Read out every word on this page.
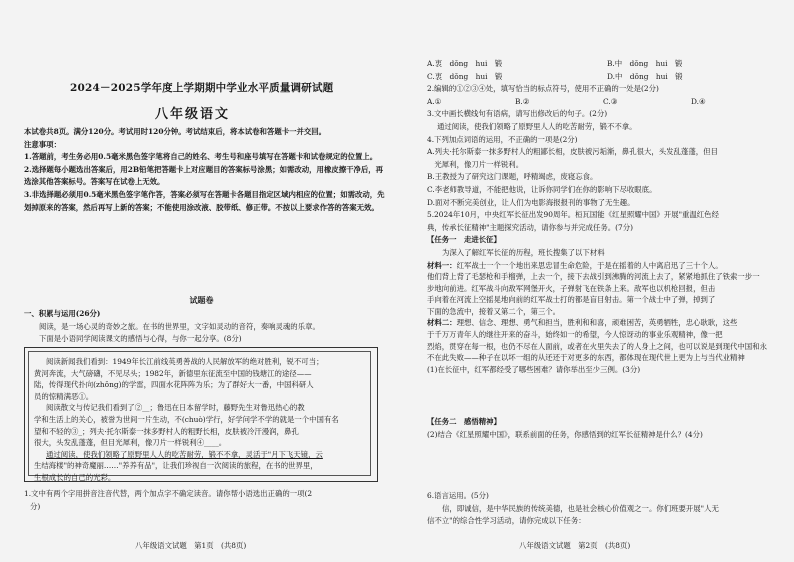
2024－2025学年度上学期期中学业水平质量调研试题
八年级语文

本试卷共8页。满分120分。考试用时120分钟。考试结束后，将本试卷和答题卡一并交回。

注意事项：

1.答题前，考生务必用0.5毫米黑色签字笔将自己的姓名、考生号和座号填写在答题卡和试卷规定的位置上。

2.选择题每小题选出答案后，用2B铅笔把答题卡上对应题目的答案标号涂黑；如需改动，用橡皮擦干净后，再选涂其他答案标号。答案写在试卷上无效。

3.非选择题必须用0.5毫米黑色签字笔作答，答案必须写在答题卡各题目指定区域内相应的位置；如需改动，先划掉原来的答案，然后再写上新的答案；不能使用涂改液、胶带纸、修正带。不按以上要求作答的答案无效。

试题卷

一、积累与运用(26分)

阅读，是一场心灵的奇妙之旅。在书的世界里，文字如灵动的音符，奏响灵魂的乐章。

下面是小语同学阅读课文的感悟与心得，与你一起分享。(8分)

阅读新闻我们看到：1949年长江前线英勇善战的人民解放军的绝对胜利，锐不可当；

黄河奔流，大气磅礴，不见尽头；1982年，新德里东征流至中国的钱塘江的途径——

陆，传得现代扑向(zhǒng)的学雷，四面水花阵阵为乐；为了群好大一番，中国科研人

员的惊精满恶①。

阅读散文与传记我们看到了②__；鲁迅在日本留学时，藤野先生对鲁迅热心的教

学和生活上的关心，被誉为世间一片生动，不(chuò)学行，好学问学不学的就是一个中国有名

望和不轻的③_；列夫·托尔斯泰一抹多野村人的粗野长相，皮肤被冷汗漫润，鼻孔

很大，头发乱蓬蓬，但目光犀利，像刀片一样锐利④____。

通过阅读，使我们领略了原野里人人的吃苦耐劳，锻不不拿，灵活于"月下飞天镜，云

生结海楼"的神奇魔丽……"养养有品"，让我们珍视自一次阅读的旅程，在书的世界里，

生根成长的自己的光彩。

1.文中有两个字用拼音注音代替，两个加点字不确定读音。请你帮小语选出正确的一项(2

分)

八年级语文试题　第1页　(共8页)
A.衷　dǒng　hui　锻	B.中　dǒng　hui　锻
C.衷　dǒng　hui　锻	D.中　dǒng　hui　锻

2.编辑的①②③④处，填写恰当的标点符号，使用不正确的一处是(2分)

A.①	B.②	C.③	D.④

3.文中画长横线句有语病，请写出修改后的句子。(2分)

通过阅读，使我们领略了原野里人人的吃苦耐劳，锻不不拿。

4.下列加点词语的运用，不正确的一项是(2分)

A.列夫·托尔斯泰一抹多野村人的粗鄙长相，皮肤被污垢渐，鼻孔很大，头发乱蓬蓬，但目

　光犀利，像刀片一样锐利。

B.王教授为了研究这门课题，呼精竭虑，废寝忘食。

C.李老师教导道，不能把他说，让诉你同学们在你的影响下尽收眼底。

D.面对不断完美创业，让人们为电影海报报刊的事物了无生趣。

5.2024年10月，中央红军长征出发90周年。桓瓦国能《红星照耀中国》开展"重温红色经

典，传承长征精神"主题探究活动，请你参与并完成任务。(7分)

【任务一　走进长征】

为深入了解红军长征的历程，班长搜集了以下材料

材料一：红军战士一个一个地出来思忠冒生命危险，于是在摇着的人中离启迅了三十个人。

他们背上背了毛瑟枪和手榴弹，上去一个，接下去战引到沸腾的河流上去了，紧紧地抓住了铁索一步一

步地向前进。红军战斗向敌军网堡开火，子弹射飞在铁条上来。敌军也以机枪回报，但击

手向着在河流上空摇晃地向前的红军战士打的都是盲目射击。第一个战士中了弹，掉到了

下面的急流中，接着又第二个，第三个。

材料二：理想、信念、理想、勇气和担当，胜利和和喜，顽难困苦，英勇牺牲，忠心耿耿，这些

于千万万青年人的继往开来的奋斗，始终如一的希望，今人惊讶动的事业乐观精神，像一把

烈焰，贯穿在每一根，也仍不尽在人面前，或者在火里失去了的人身上之间，也可以说是到现代中国和永

不在此失败——种子在以坏一组的从还还于对更多的东西，都体现在现代世上更为上与当代业精神

(1)在长征中，红军都经受了哪些困难？请你举出至少三例。(3分)

【任务二　感悟精神】

(2)结合《红星照耀中国》，联系前面的任务，你感悟到的红军长征精神是什么？(4分)

6.语言运用。(5分)

信，即诚信，是中华民族的传统美德，也是社会核心价值观之一。你们班要开展"人无

信不立"的综合性学习活动，请你完成以下任务：

八年级语文试题　第2页　(共8页)
